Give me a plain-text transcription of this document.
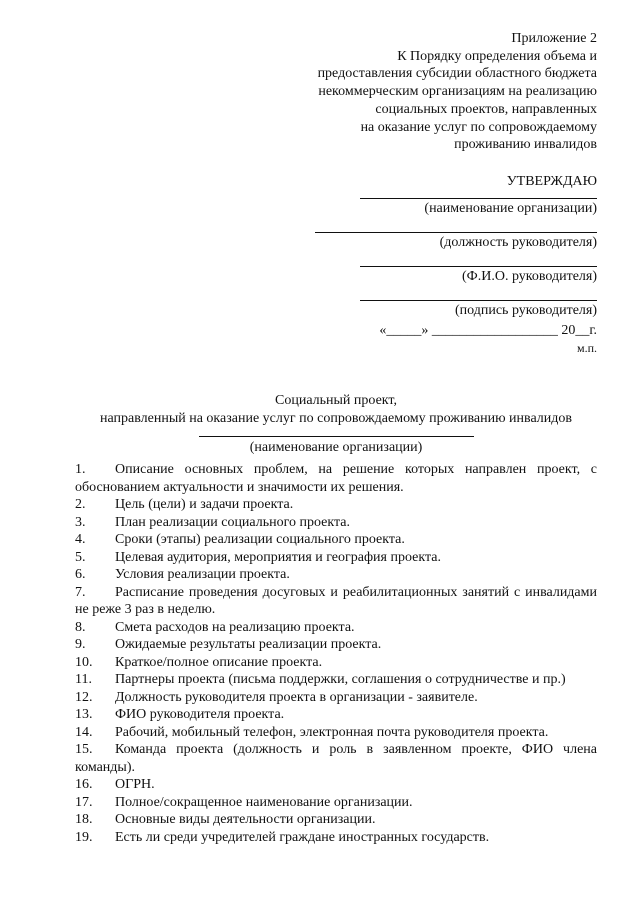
Приложение 2
К Порядку определения объема и
предоставления субсидии областного бюджета
некоммерческим организациям на реализацию
социальных проектов, направленных
на оказание услуг по сопровождаемому
проживанию инвалидов
УТВЕРЖДАЮ
(наименование организации)
(должность руководителя)
(Ф.И.О. руководителя)
(подпись руководителя)
«_____» __________________ 20__г.
м.п.
Социальный проект,
направленный на оказание услуг по сопровождаемому проживанию инвалидов
(наименование организации)
1. Описание основных проблем, на решение которых направлен проект, с обоснованием актуальности и значимости их решения.
2. Цель (цели) и задачи проекта.
3. План реализации социального проекта.
4. Сроки (этапы) реализации социального проекта.
5. Целевая аудитория, мероприятия и география проекта.
6. Условия реализации проекта.
7. Расписание проведения досуговых и реабилитационных занятий с инвалидами не реже 3 раз в неделю.
8. Смета расходов на реализацию проекта.
9. Ожидаемые результаты реализации проекта.
10. Краткое/полное описание проекта.
11. Партнеры проекта (письма поддержки, соглашения о сотрудничестве и пр.)
12. Должность руководителя проекта в организации - заявителе.
13. ФИО руководителя проекта.
14. Рабочий, мобильный телефон, электронная почта руководителя проекта.
15. Команда проекта (должность и роль в заявленном проекте, ФИО члена команды).
16. ОГРН.
17. Полное/сокращенное наименование организации.
18. Основные виды деятельности организации.
19. Есть ли среди учредителей граждане иностранных государств.
